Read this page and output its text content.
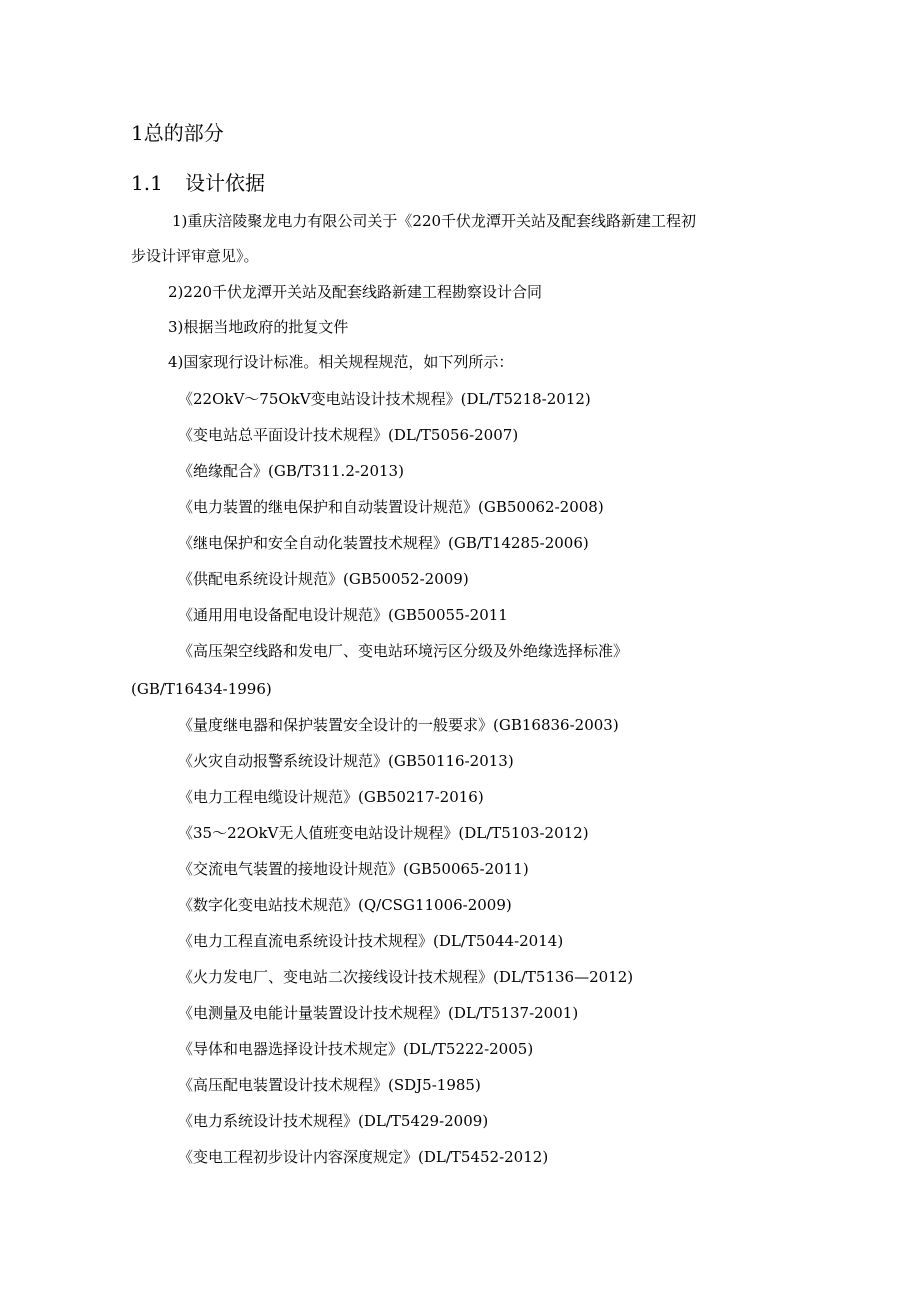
1总的部分
1.1 设计依据
1)重庆涪陵聚龙电力有限公司关于《220千伏龙潭开关站及配套线路新建工程初
步设计评审意见》。
2)220千伏龙潭开关站及配套线路新建工程勘察设计合同
3)根据当地政府的批复文件
4)国家现行设计标准。相关规程规范，如下列所示：
《22OkV～75OkV变电站设计技术规程》(DL/T5218-2012)
《变电站总平面设计技术规程》(DL/T5056-2007)
《绝缘配合》(GB/T311.2-2013)
《电力装置的继电保护和自动装置设计规范》(GB50062-2008)
《继电保护和安全自动化装置技术规程》(GB/T14285-2006)
《供配电系统设计规范》(GB50052-2009)
《通用用电设备配电设计规范》(GB50055-2011
《高压架空线路和发电厂、变电站环境污区分级及外绝缘选择标准》
(GB/T16434-1996)
《量度继电器和保护装置安全设计的一般要求》(GB16836-2003)
《火灾自动报警系统设计规范》(GB50116-2013)
《电力工程电缆设计规范》(GB50217-2016)
《35～22OkV无人值班变电站设计规程》(DL/T5103-2012)
《交流电气装置的接地设计规范》(GB50065-2011)
《数字化变电站技术规范》(Q/CSG11006-2009)
《电力工程直流电系统设计技术规程》(DL/T5044-2014)
《火力发电厂、变电站二次接线设计技术规程》(DL/T5136—2012)
《电测量及电能计量装置设计技术规程》(DL/T5137-2001)
《导体和电器选择设计技术规定》(DL/T5222-2005)
《高压配电装置设计技术规程》(SDJ5-1985)
《电力系统设计技术规程》(DL/T5429-2009)
《变电工程初步设计内容深度规定》(DL/T5452-2012)
